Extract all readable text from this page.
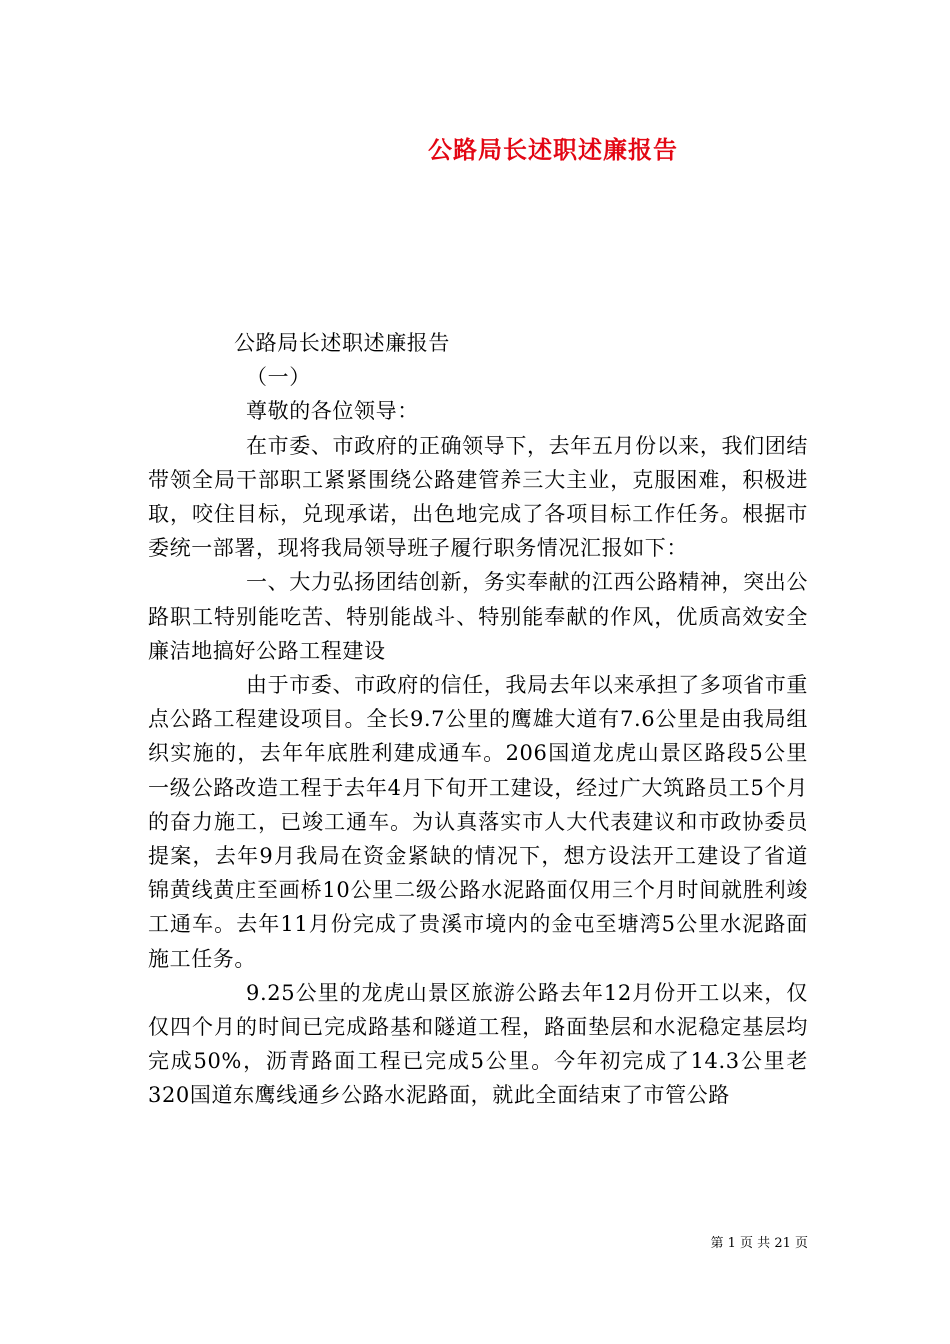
公路局长述职述廉报告

公路局长述职述廉报告

（一）

尊敬的各位领导：

在市委、市政府的正确领导下，去年五月份以来，我们团结带领全局干部职工紧紧围绕公路建管养三大主业，克服困难，积极进取，咬住目标，兑现承诺，出色地完成了各项目标工作任务。根据市委统一部署，现将我局领导班子履行职务情况汇报如下：

一、大力弘扬团结创新，务实奉献的江西公路精神，突出公路职工特别能吃苦、特别能战斗、特别能奉献的作风，优质高效安全廉洁地搞好公路工程建设

由于市委、市政府的信任，我局去年以来承担了多项省市重点公路工程建设项目。全长9.7公里的鹰雄大道有7.6公里是由我局组织实施的，去年年底胜利建成通车。206国道龙虎山景区路段5公里一级公路改造工程于去年4月下旬开工建设，经过广大筑路员工5个月的奋力施工，已竣工通车。为认真落实市人大代表建议和市政协委员提案，去年9月我局在资金紧缺的情况下，想方设法开工建设了省道锦黄线黄庄至画桥10公里二级公路水泥路面仅用三个月时间就胜利竣工通车。去年11月份完成了贵溪市境内的金屯至塘湾5公里水泥路面施工任务。

9.25公里的龙虎山景区旅游公路去年12月份开工以来，仅仅四个月的时间已完成路基和隧道工程，路面垫层和水泥稳定基层均完成50%，沥青路面工程已完成5公里。今年初完成了14.3公里老320国道东鹰线通乡公路水泥路面，就此全面结束了市管公路

第 1 页 共 21 页
